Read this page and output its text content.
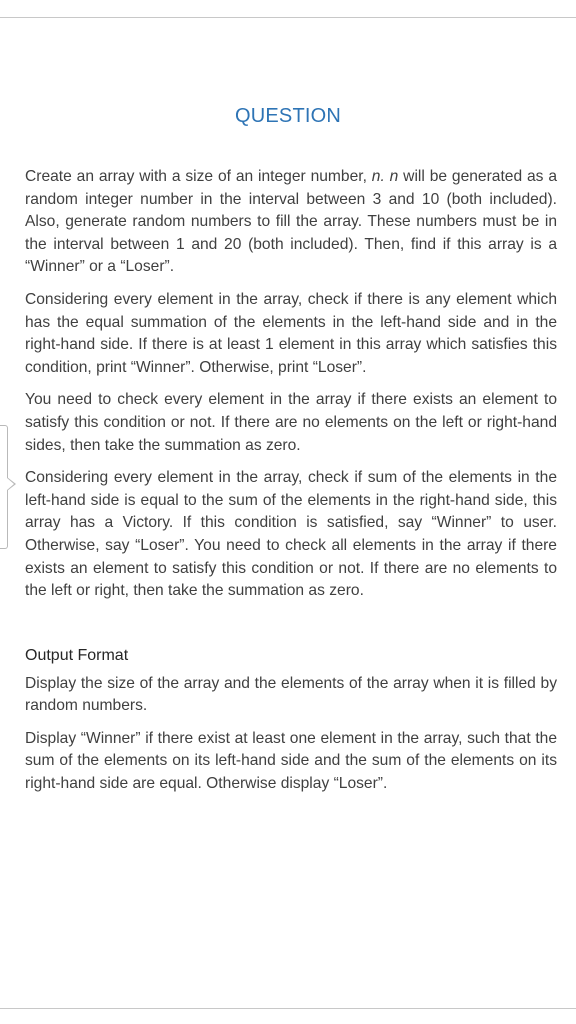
QUESTION

Create an array with a size of an integer number, n. n will be generated as a random integer number in the interval between 3 and 10 (both included). Also, generate random numbers to fill the array. These numbers must be in the interval between 1 and 20 (both included). Then, find if this array is a “Winner” or a “Loser”.

Considering every element in the array, check if there is any element which has the equal summation of the elements in the left-hand side and in the right-hand side. If there is at least 1 element in this array which satisfies this condition, print “Winner”. Otherwise, print “Loser”.

You need to check every element in the array if there exists an element to satisfy this condition or not. If there are no elements on the left or right-hand sides, then take the summation as zero.

Considering every element in the array, check if sum of the elements in the left-hand side is equal to the sum of the elements in the right-hand side, this array has a Victory. If this condition is satisfied, say “Winner” to user. Otherwise, say “Loser”. You need to check all elements in the array if there exists an element to satisfy this condition or not. If there are no elements to the left or right, then take the summation as zero.

Output Format

Display the size of the array and the elements of the array when it is filled by random numbers.

Display “Winner” if there exist at least one element in the array, such that the sum of the elements on its left-hand side and the sum of the elements on its right-hand side are equal. Otherwise display “Loser”.
